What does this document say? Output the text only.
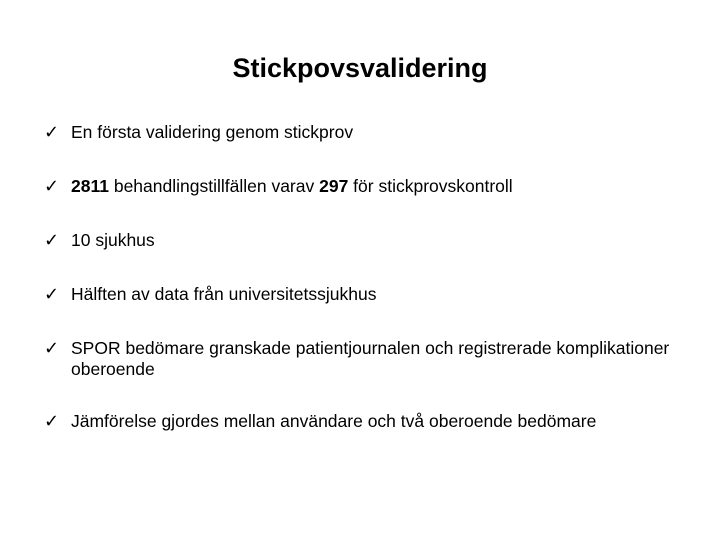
Stickpovsvalidering
✓ En första validering genom stickprov
✓ 2811 behandlingstillfällen varav 297 för stickprovskontroll
✓ 10 sjukhus
✓ Hälften av data från universitetssjukhus
✓ SPOR bedömare granskade patientjournalen och registrerade komplikationer oberoende
✓ Jämförelse gjordes mellan användare och två oberoende bedömare
